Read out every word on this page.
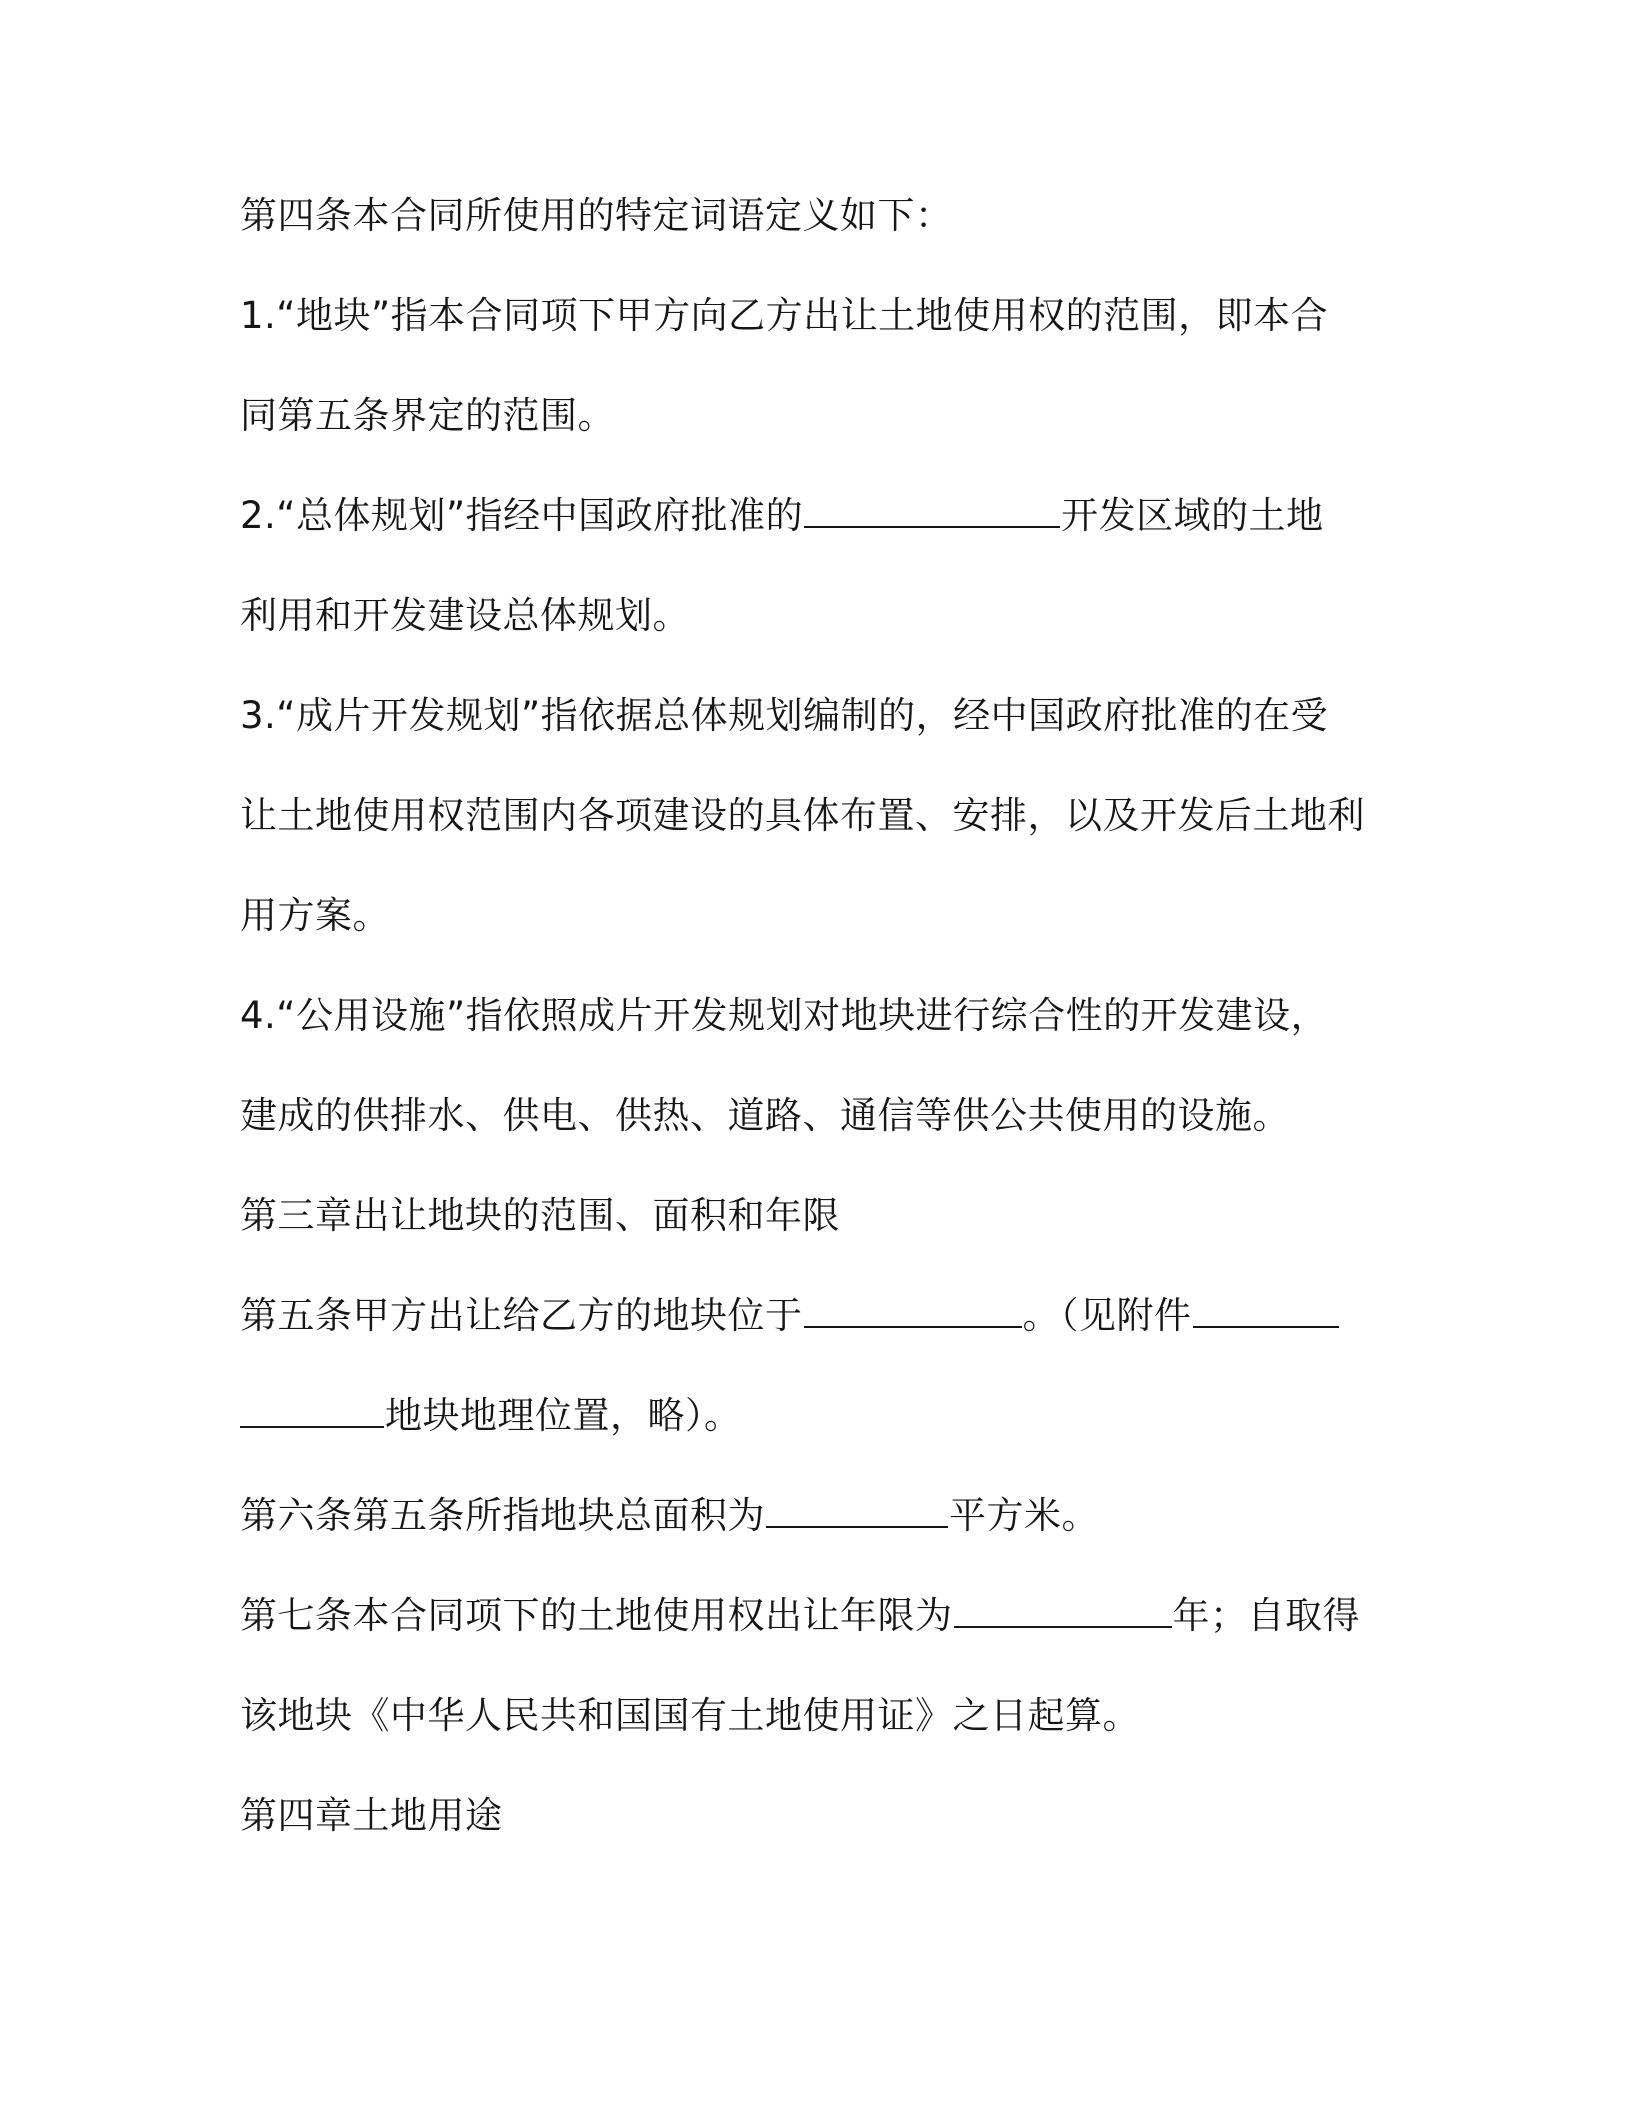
第四条本合同所使用的特定词语定义如下：
1.“地块”指本合同项下甲方向乙方出让土地使用权的范围，即本合
同第五条界定的范围。
2.“总体规划”指经中国政府批准的	开发区域的土地
利用和开发建设总体规划。
3.“成片开发规划”指依据总体规划编制的，经中国政府批准的在受
让土地使用权范围内各项建设的具体布置、安排，以及开发后土地利
用方案。
4.“公用设施”指依照成片开发规划对地块进行综合性的开发建设，
建成的供排水、供电、供热、道路、通信等供公共使用的设施。
第三章出让地块的范围、面积和年限
第五条甲方出让给乙方的地块位于	。（见附件
地块地理位置，略）。
第六条第五条所指地块总面积为	平方米。
第七条本合同项下的土地使用权出让年限为	年；自取得
该地块《中华人民共和国国有土地使用证》之日起算。
第四章土地用途
